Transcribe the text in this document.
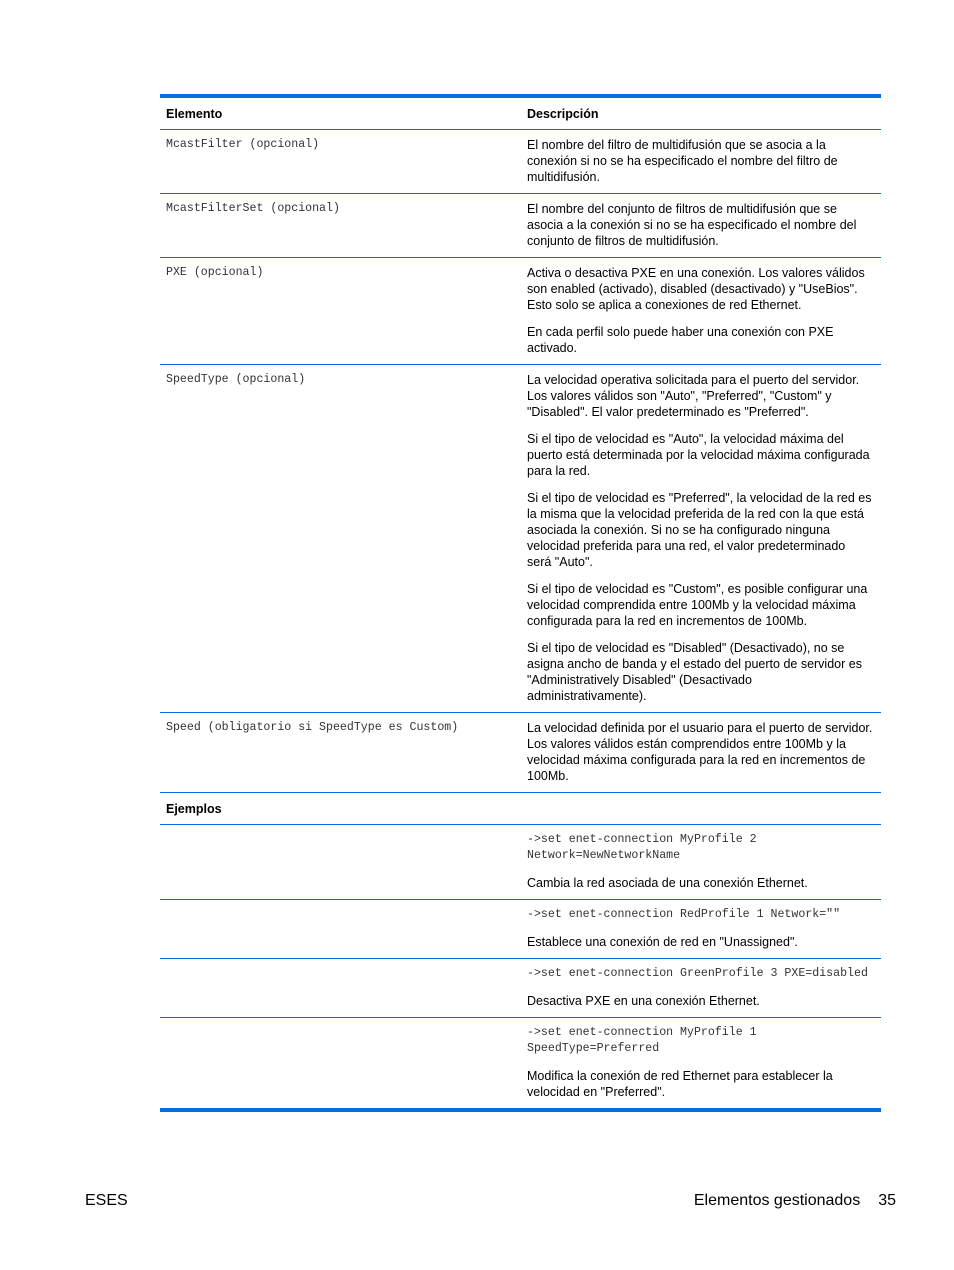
Elemento	Descripción
McastFilter (opcional)	El nombre del filtro de multidifusión que se asocia a la conexión si no se ha especificado el nombre del filtro de multidifusión.

McastFilterSet (opcional)	El nombre del conjunto de filtros de multidifusión que se asocia a la conexión si no se ha especificado el nombre del conjunto de filtros de multidifusión.

PXE (opcional)	Activa o desactiva PXE en una conexión. Los valores válidos son enabled (activado), disabled (desactivado) y "UseBios". Esto solo se aplica a conexiones de red Ethernet.

En cada perfil solo puede haber una conexión con PXE activado.

SpeedType (opcional)	La velocidad operativa solicitada para el puerto del servidor. Los valores válidos son "Auto", "Preferred", "Custom" y "Disabled". El valor predeterminado es "Preferred".

Si el tipo de velocidad es "Auto", la velocidad máxima del puerto está determinada por la velocidad máxima configurada para la red.

Si el tipo de velocidad es "Preferred", la velocidad de la red es la misma que la velocidad preferida de la red con la que está asociada la conexión. Si no se ha configurado ninguna velocidad preferida para una red, el valor predeterminado será "Auto".

Si el tipo de velocidad es "Custom", es posible configurar una velocidad comprendida entre 100Mb y la velocidad máxima configurada para la red en incrementos de 100Mb.

Si el tipo de velocidad es "Disabled" (Desactivado), no se asigna ancho de banda y el estado del puerto de servidor es "Administratively Disabled" (Desactivado administrativamente).

Speed (obligatorio si SpeedType es Custom)	La velocidad definida por el usuario para el puerto de servidor. Los valores válidos están comprendidos entre 100Mb y la velocidad máxima configurada para la red en incrementos de 100Mb.

Ejemplos	

	->set enet-connection MyProfile 2 Network=NewNetworkName

Cambia la red asociada de una conexión Ethernet.

	->set enet-connection RedProfile 1 Network=""

Establece una conexión de red en "Unassigned".

	->set enet-connection GreenProfile 3 PXE=disabled

Desactiva PXE en una conexión Ethernet.

	->set enet-connection MyProfile 1 SpeedType=Preferred

Modifica la conexión de red Ethernet para establecer la velocidad en "Preferred".

ESES	Elementos gestionados 35
